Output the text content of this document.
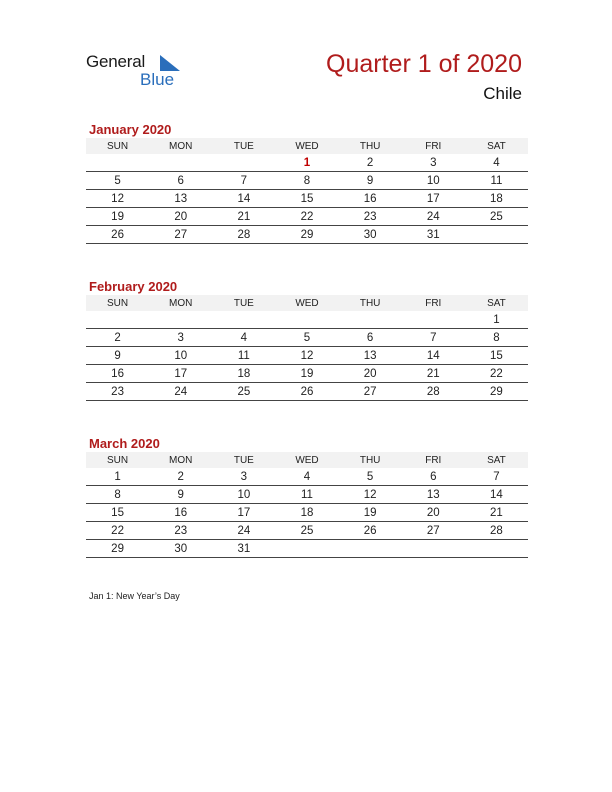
General
Blue
Quarter 1 of 2020
Chile
January 2020
SUN	MON	TUE	WED	THU	FRI	SAT
			1	2	3	4
5	6	7	8	9	10	11
12	13	14	15	16	17	18
19	20	21	22	23	24	25
26	27	28	29	30	31	
February 2020
SUN	MON	TUE	WED	THU	FRI	SAT
						1
2	3	4	5	6	7	8
9	10	11	12	13	14	15
16	17	18	19	20	21	22
23	24	25	26	27	28	29
March 2020
SUN	MON	TUE	WED	THU	FRI	SAT
1	2	3	4	5	6	7
8	9	10	11	12	13	14
15	16	17	18	19	20	21
22	23	24	25	26	27	28
29	30	31				
Jan 1: New Year’s Day
